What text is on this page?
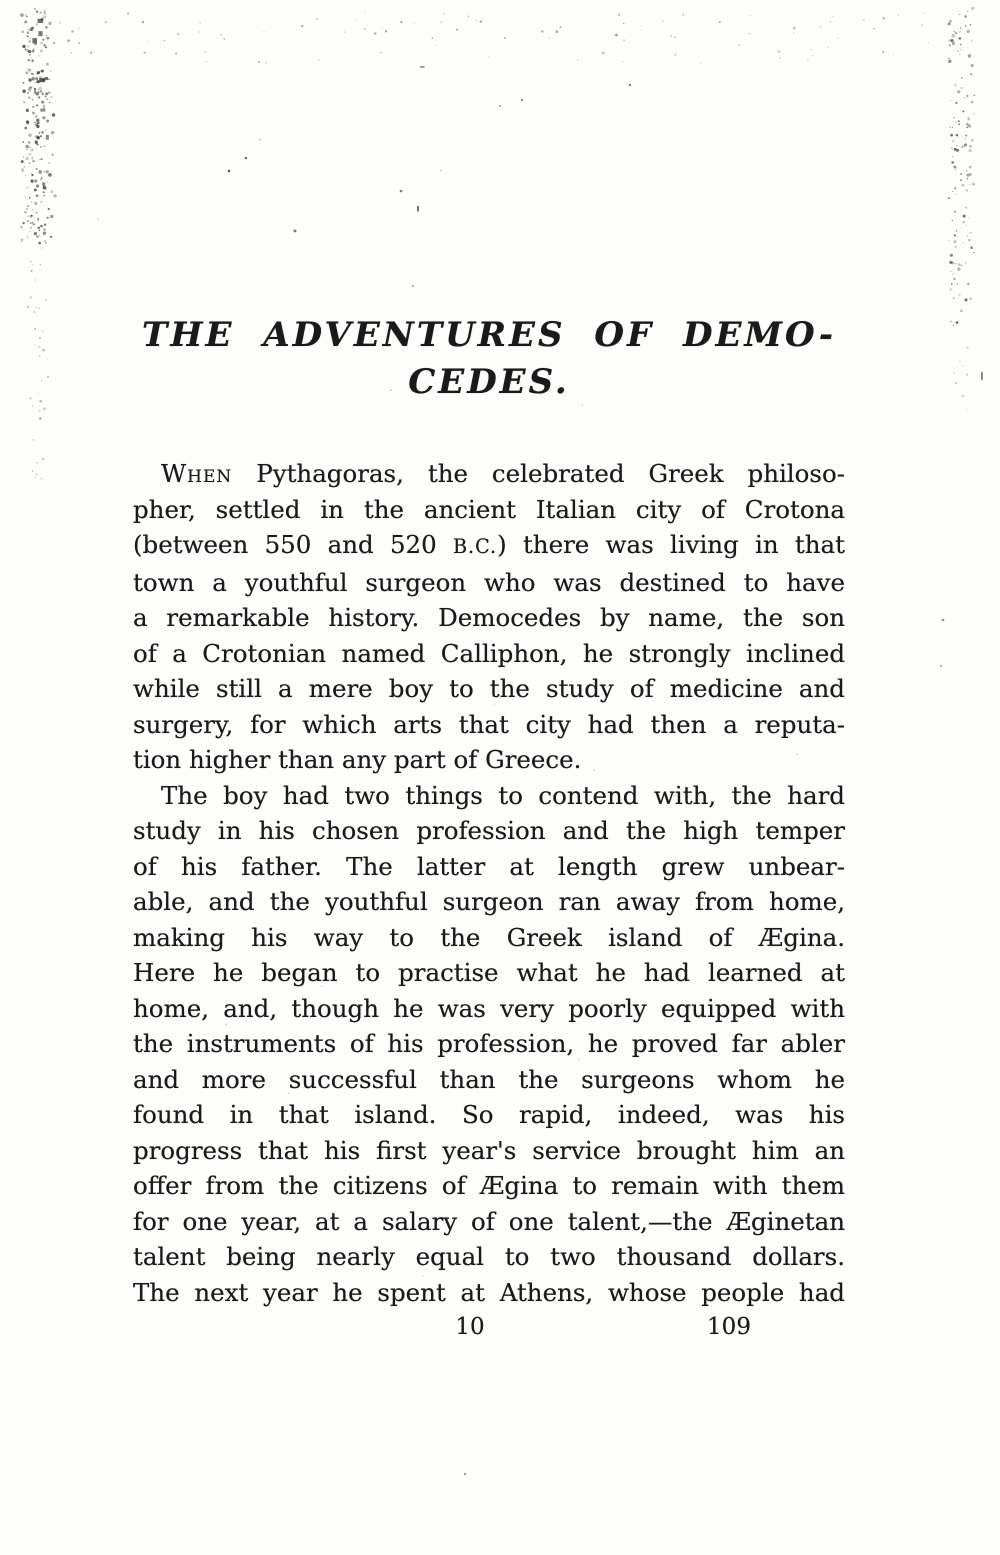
THE ADVENTURES OF DEMO-
CEDES.
When Pythagoras, the celebrated Greek philoso-
pher, settled in the ancient Italian city of Crotona
(between 550 and 520 B.C.) there was living in that
town a youthful surgeon who was destined to have
a remarkable history. Democedes by name, the son
of a Crotonian named Calliphon, he strongly inclined
while still a mere boy to the study of medicine and
surgery, for which arts that city had then a reputa-
tion higher than any part of Greece.
The boy had two things to contend with, the hard
study in his chosen profession and the high temper
of his father. The latter at length grew unbear-
able, and the youthful surgeon ran away from home,
making his way to the Greek island of Ægina.
Here he began to practise what he had learned at
home, and, though he was very poorly equipped with
the instruments of his profession, he proved far abler
and more successful than the surgeons whom he
found in that island. So rapid, indeed, was his
progress that his first year's service brought him an
offer from the citizens of Ægina to remain with them
for one year, at a salary of one talent,—the Æginetan
talent being nearly equal to two thousand dollars.
The next year he spent at Athens, whose people had
10	109
